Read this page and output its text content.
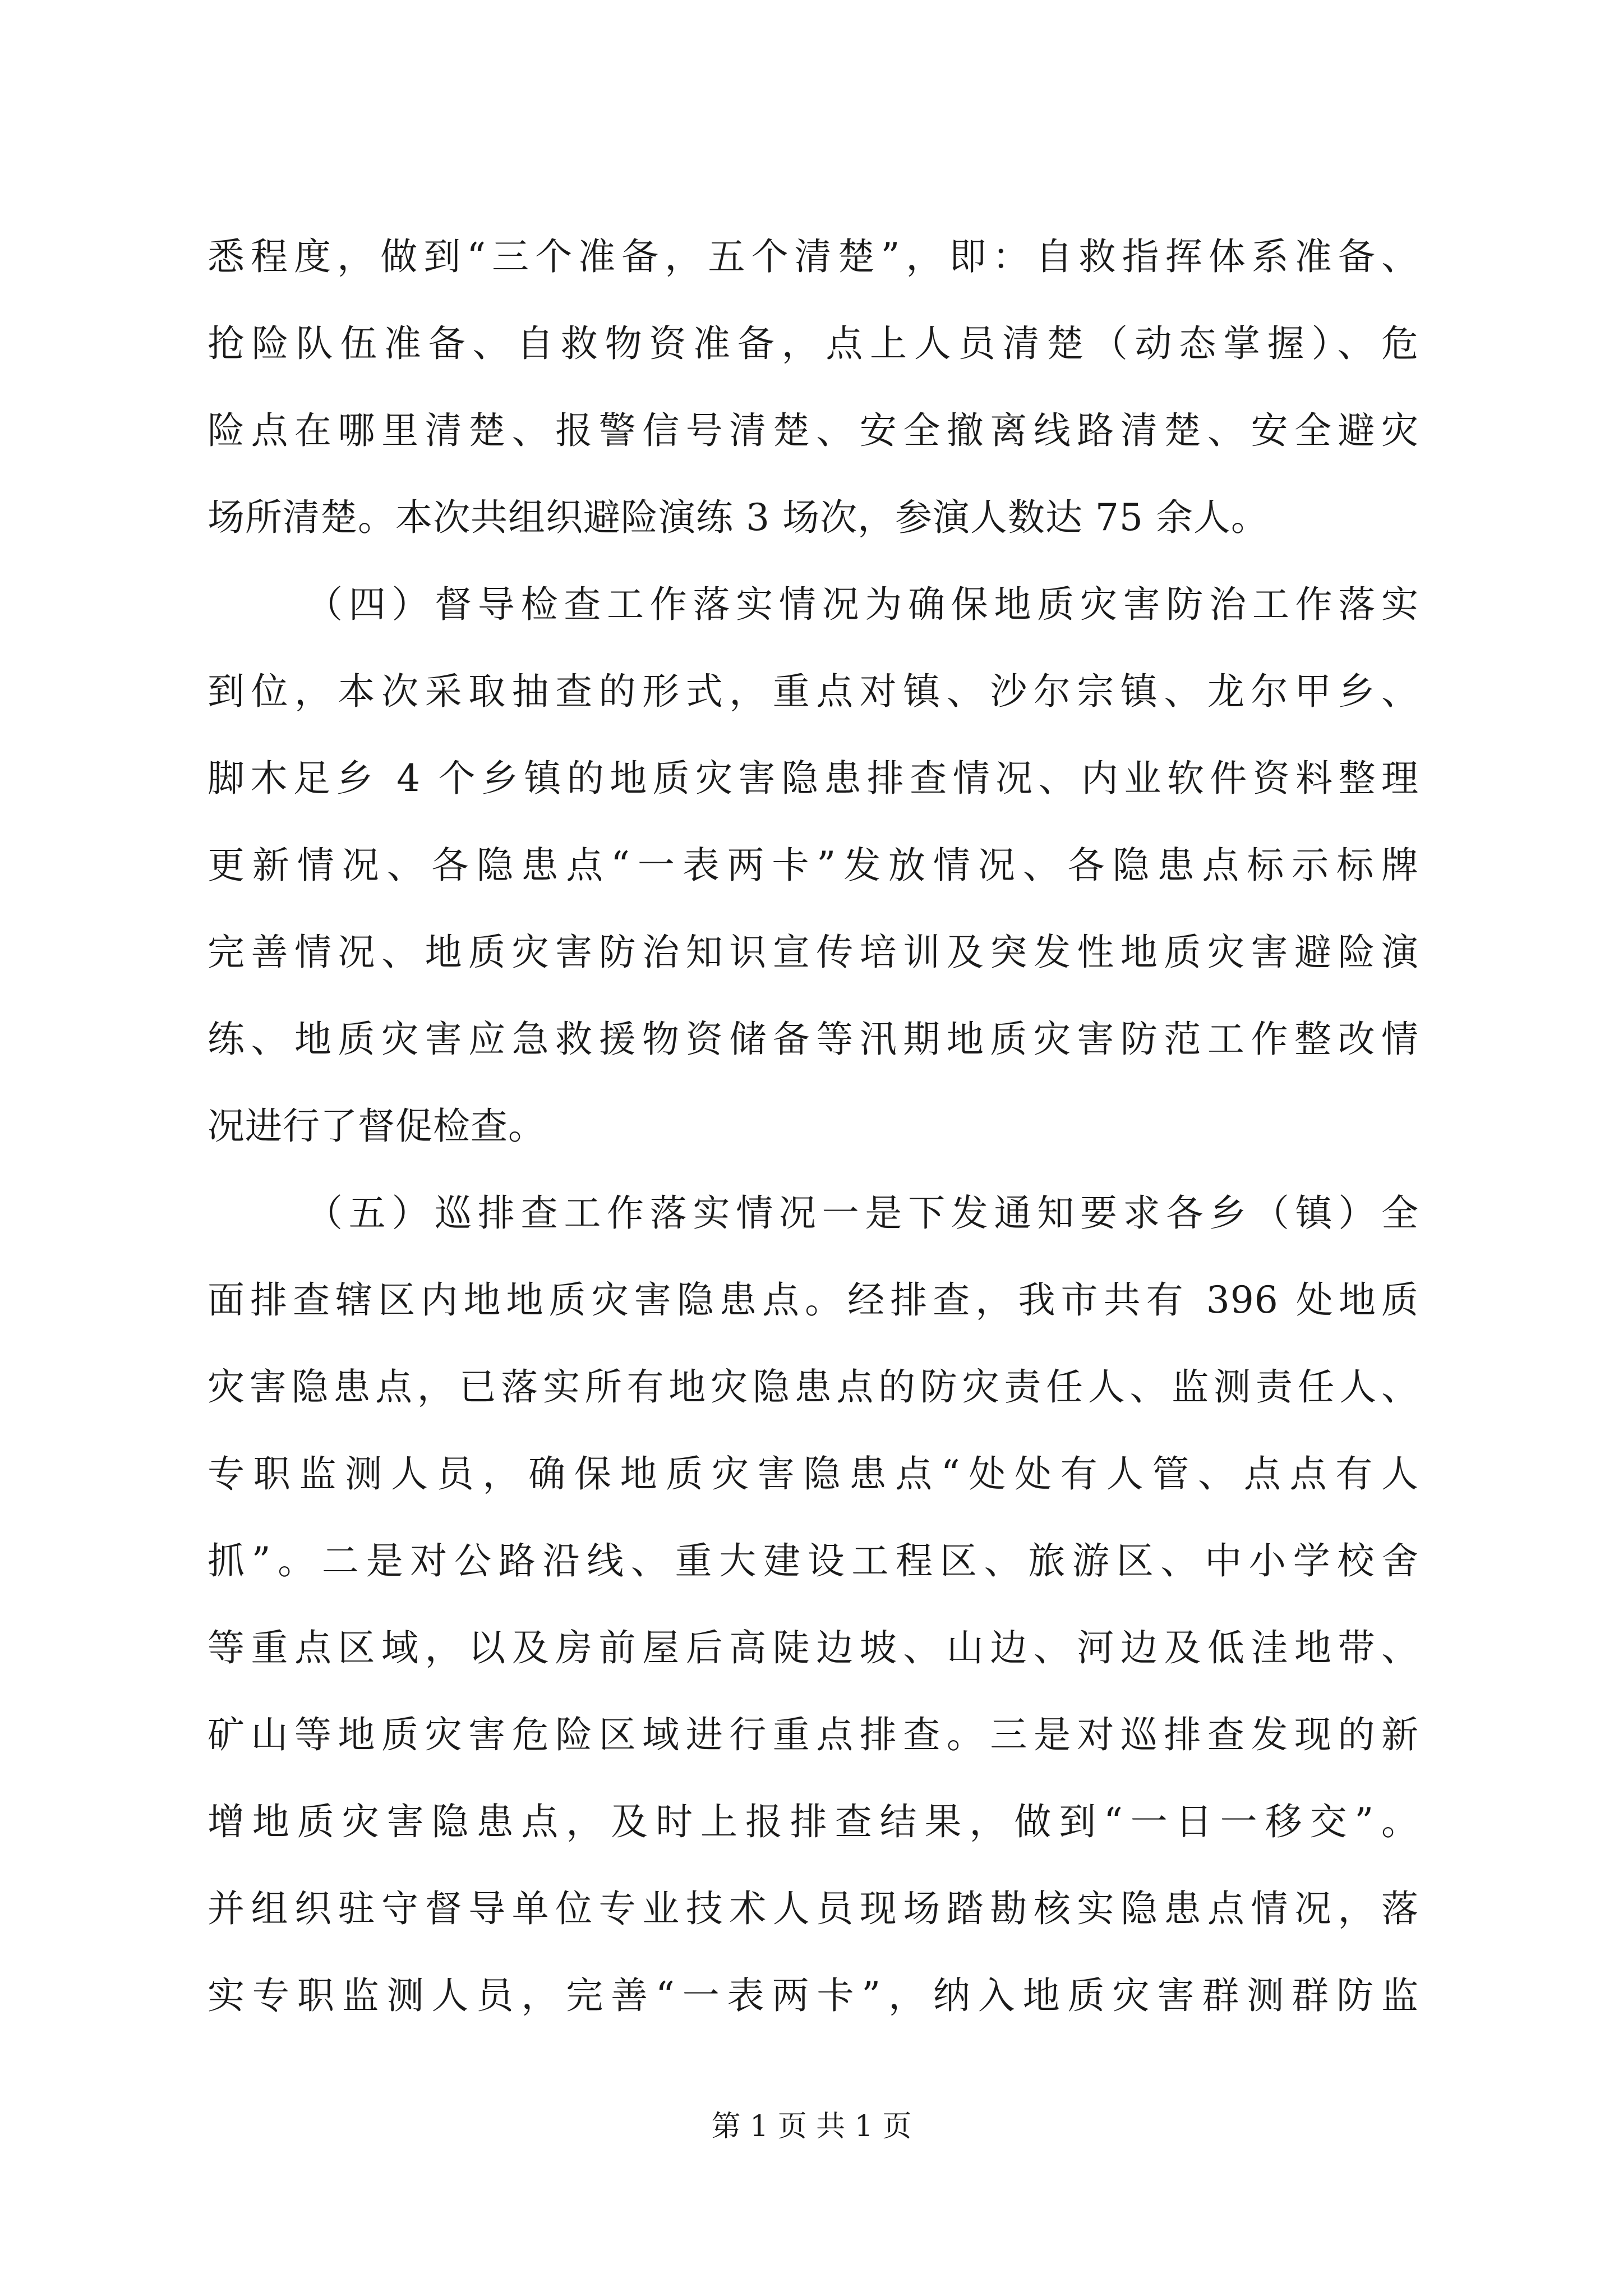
悉程度，做到“三个准备，五个清楚”，即：自救指挥体系准备、
抢险队伍准备、自救物资准备，点上人员清楚（动态掌握）、危
险点在哪里清楚、报警信号清楚、安全撤离线路清楚、安全避灾
场所清楚。本次共组织避险演练 3 场次，参演人数达 75 余人。
（四）督导检查工作落实情况为确保地质灾害防治工作落实
到位，本次采取抽查的形式，重点对镇、沙尔宗镇、龙尔甲乡、
脚木足乡 4 个乡镇的地质灾害隐患排查情况、内业软件资料整理
更新情况、各隐患点“一表两卡”发放情况、各隐患点标示标牌
完善情况、地质灾害防治知识宣传培训及突发性地质灾害避险演
练、地质灾害应急救援物资储备等汛期地质灾害防范工作整改情
况进行了督促检查。
（五）巡排查工作落实情况一是下发通知要求各乡（镇）全
面排查辖区内地地质灾害隐患点。经排查，我市共有 396 处地质
灾害隐患点，已落实所有地灾隐患点的防灾责任人、监测责任人、
专职监测人员，确保地质灾害隐患点“处处有人管、点点有人
抓”。二是对公路沿线、重大建设工程区、旅游区、中小学校舍
等重点区域，以及房前屋后高陡边坡、山边、河边及低洼地带、
矿山等地质灾害危险区域进行重点排查。三是对巡排查发现的新
增地质灾害隐患点，及时上报排查结果，做到“一日一移交”。
并组织驻守督导单位专业技术人员现场踏勘核实隐患点情况，落
实专职监测人员，完善“一表两卡”，纳入地质灾害群测群防监
第 1 页 共 1 页
